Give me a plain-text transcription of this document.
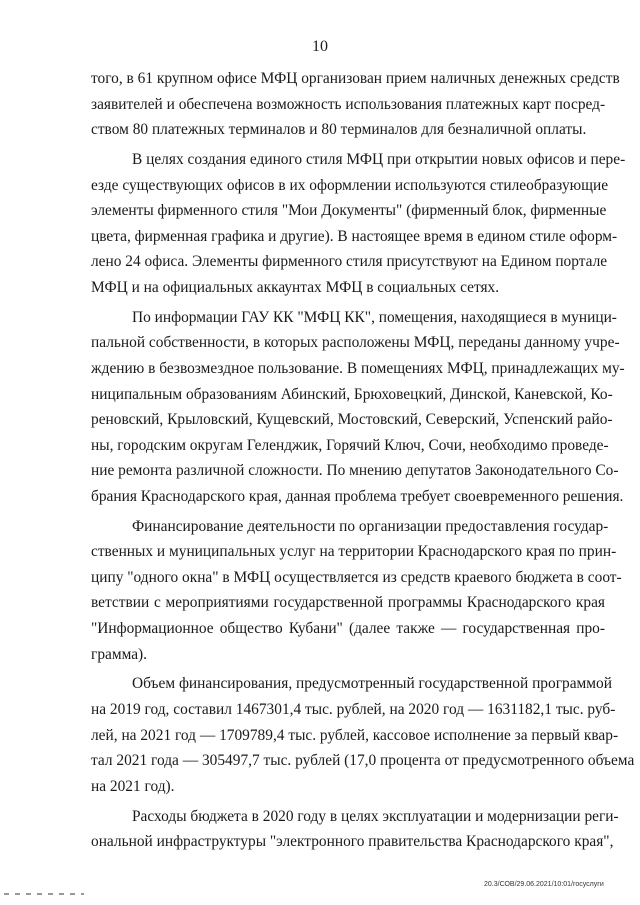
10

того, в 61 крупном офисе МФЦ организован прием наличных денежных средств
заявителей и обеспечена возможность использования платежных карт посред-
ством 80 платежных терминалов и 80 терминалов для безналичной оплаты.

В целях создания единого стиля МФЦ при открытии новых офисов и пере-
езде существующих офисов в их оформлении используются стилеобразующие
элементы фирменного стиля "Мои Документы" (фирменный блок, фирменные
цвета, фирменная графика и другие). В настоящее время в едином стиле оформ-
лено 24 офиса. Элементы фирменного стиля присутствуют на Едином портале
МФЦ и на официальных аккаунтах МФЦ в социальных сетях.

По информации ГАУ КК "МФЦ КК", помещения, находящиеся в муници-
пальной собственности, в которых расположены МФЦ, переданы данному учре-
ждению в безвозмездное пользование. В помещениях МФЦ, принадлежащих му-
ниципальным образованиям Абинский, Брюховецкий, Динской, Каневской, Ко-
реновский, Крыловский, Кущевский, Мостовский, Северский, Успенский райо-
ны, городским округам Геленджик, Горячий Ключ, Сочи, необходимо проведе-
ние ремонта различной сложности. По мнению депутатов Законодательного Со-
брания Краснодарского края, данная проблема требует своевременного решения.

Финансирование деятельности по организации предоставления государ-
ственных и муниципальных услуг на территории Краснодарского края по прин-
ципу "одного окна" в МФЦ осуществляется из средств краевого бюджета в соот-
ветствии с мероприятиями государственной программы Краснодарского края
"Информационное общество Кубани" (далее также — государственная про-
грамма).

Объем финансирования, предусмотренный государственной программой
на 2019 год, составил 1467301,4 тыс. рублей, на 2020 год — 1631182,1 тыс. руб-
лей, на 2021 год — 1709789,4 тыс. рублей, кассовое исполнение за первый квар-
тал 2021 года — 305497,7 тыс. рублей (17,0 процента от предусмотренного объема
на 2021 год).

Расходы бюджета в 2020 году в целях эксплуатации и модернизации реги-
ональной инфраструктуры "электронного правительства Краснодарского края",

20.3/СОВ/29.06.2021/10:01/госуслуги
